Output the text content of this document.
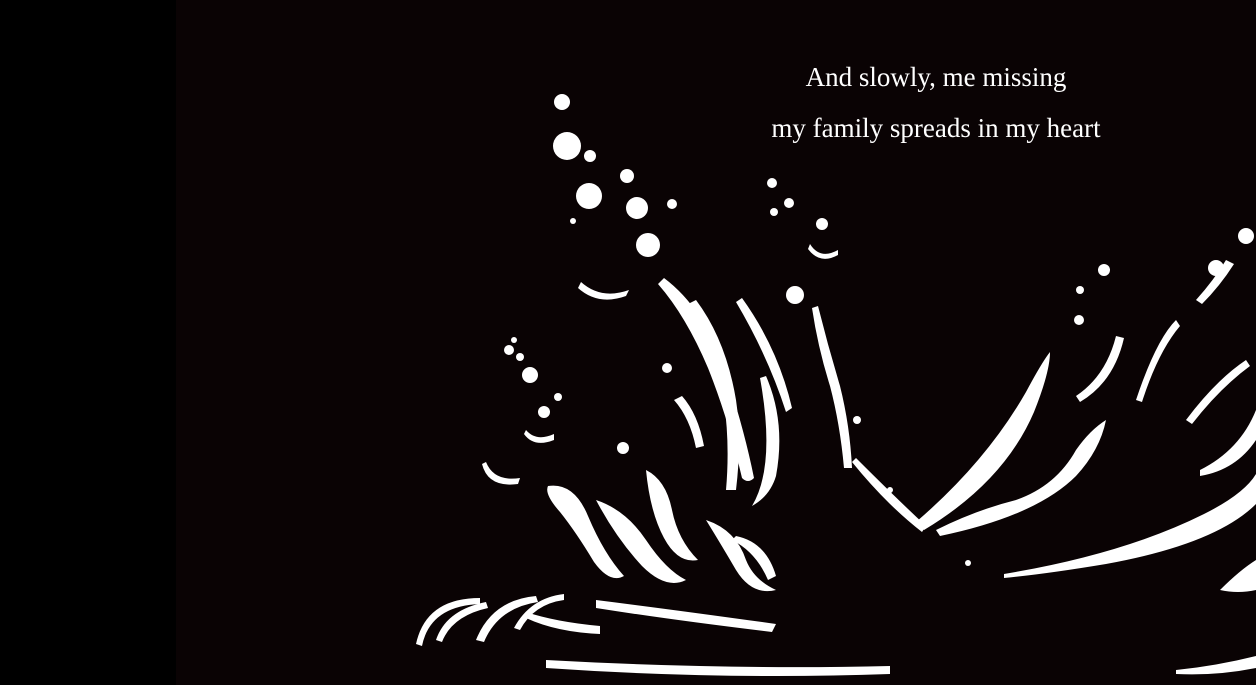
And slowly, me missing
my family spreads in my heart
